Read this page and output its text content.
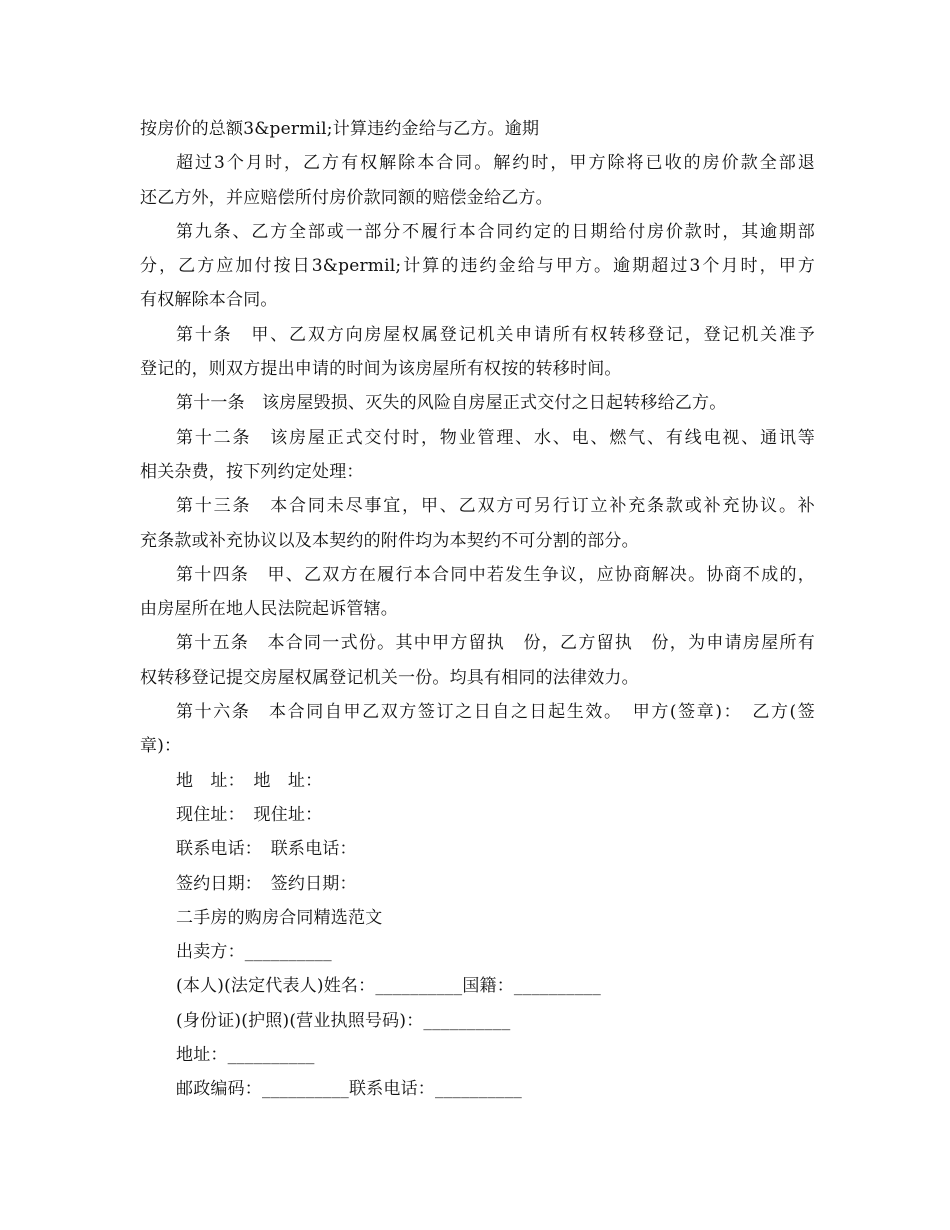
按房价的总额3&permil;计算违约金给与乙方。逾期
超过3个月时，乙方有权解除本合同。解约时，甲方除将已收的房价款全部退
还乙方外，并应赔偿所付房价款同额的赔偿金给乙方。
第九条、乙方全部或一部分不履行本合同约定的日期给付房价款时，其逾期部
分，乙方应加付按日3&permil;计算的违约金给与甲方。逾期超过3个月时，甲方
有权解除本合同。
第十条　甲、乙双方向房屋权属登记机关申请所有权转移登记，登记机关准予
登记的，则双方提出申请的时间为该房屋所有权按的转移时间。
第十一条　该房屋毁损、灭失的风险自房屋正式交付之日起转移给乙方。
第十二条　该房屋正式交付时，物业管理、水、电、燃气、有线电视、通讯等
相关杂费，按下列约定处理：
第十三条　本合同未尽事宜，甲、乙双方可另行订立补充条款或补充协议。补
充条款或补充协议以及本契约的附件均为本契约不可分割的部分。
第十四条　甲、乙双方在履行本合同中若发生争议，应协商解决。协商不成的，
由房屋所在地人民法院起诉管辖。
第十五条　本合同一式份。其中甲方留执　份，乙方留执　份，为申请房屋所有
权转移登记提交房屋权属登记机关一份。均具有相同的法律效力。
第十六条　本合同自甲乙双方签订之日自之日起生效。　甲方(签章)：　乙方(签
章)：
地　址：　地　址：
现住址：　现住址：
联系电话：　联系电话：
签约日期：　签约日期：
二手房的购房合同精选范文
出卖方：__________
(本人)(法定代表人)姓名：__________国籍：__________
(身份证)(护照)(营业执照号码)：__________
地址：__________
邮政编码：__________联系电话：__________
